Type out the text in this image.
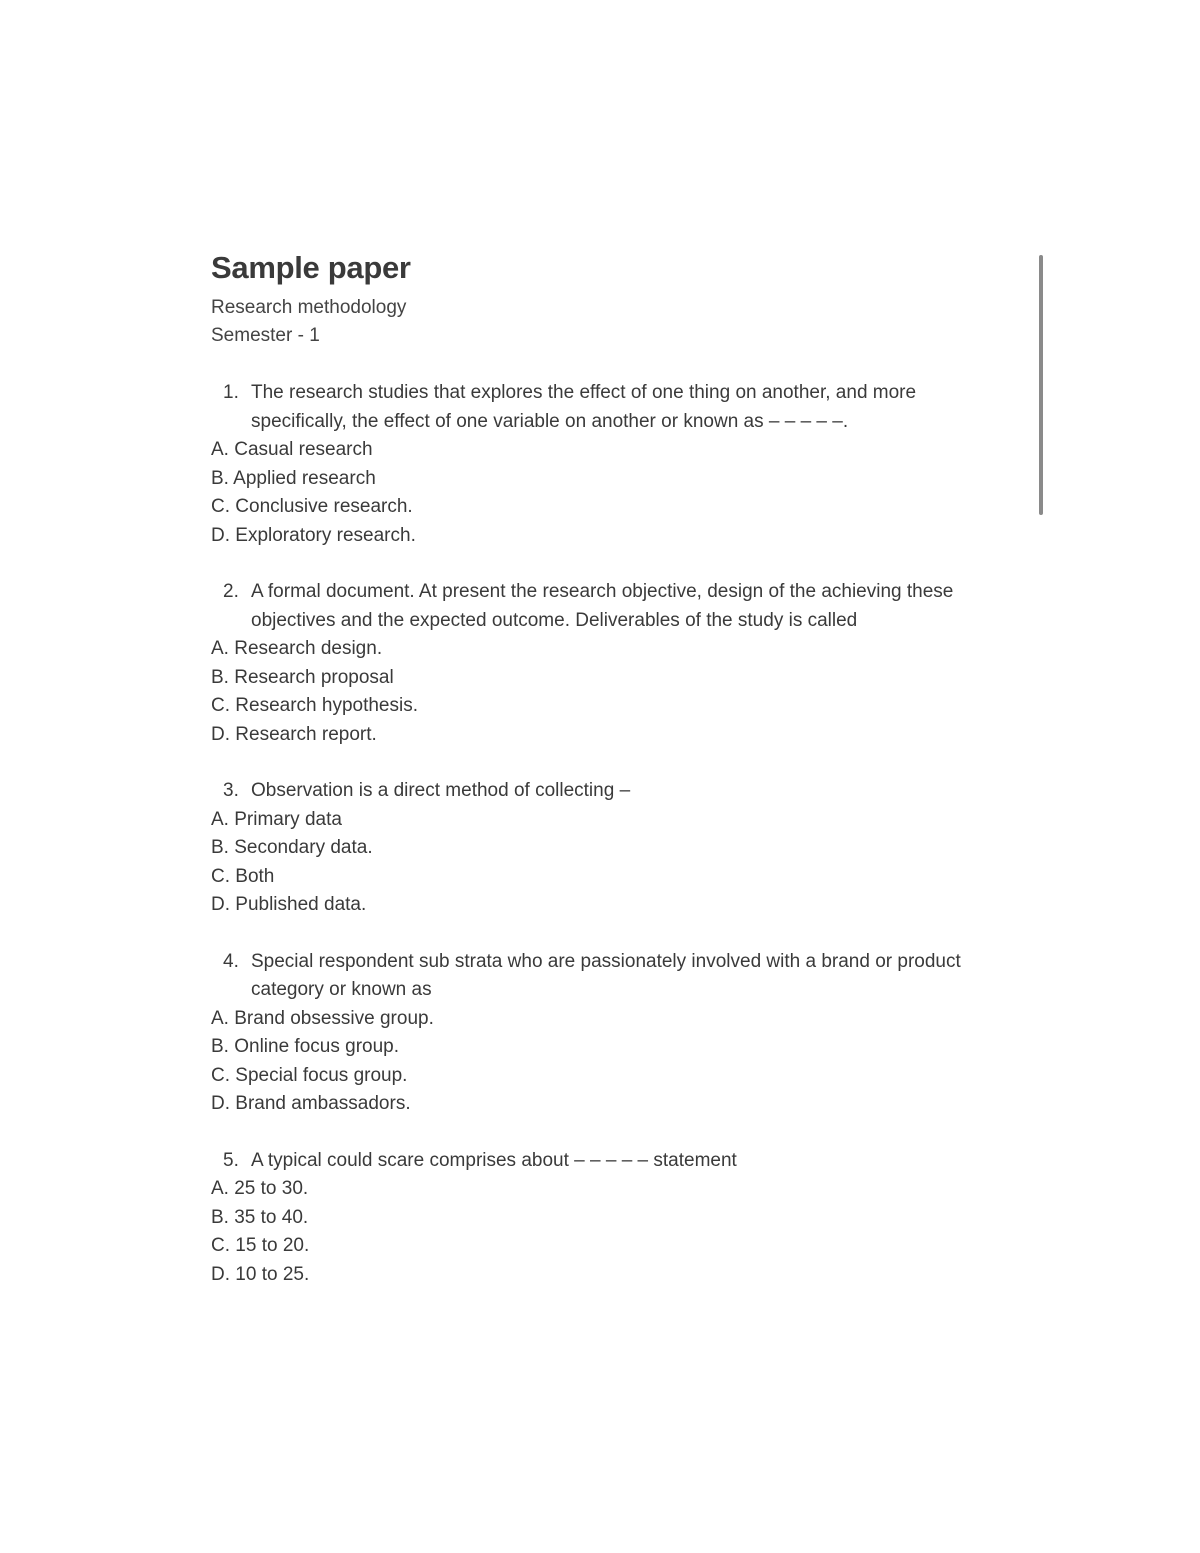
Sample paper

Research methodology

Semester - 1

1. The research studies that explores the effect of one thing on another, and more specifically, the effect of one variable on another or known as – – – – –.
A. Casual research
B. Applied research
C. Conclusive research.
D. Exploratory research.
2. A formal document. At present the research objective, design of the achieving these objectives and the expected outcome. Deliverables of the study is called
A. Research design.
B. Research proposal
C. Research hypothesis.
D. Research report.
3. Observation is a direct method of collecting –
A. Primary data
B. Secondary data.
C. Both
D. Published data.
4. Special respondent sub strata who are passionately involved with a brand or product category or known as
A. Brand obsessive group.
B. Online focus group.
C. Special focus group.
D. Brand ambassadors.
5. A typical could scare comprises about – – – – – statement
A. 25 to 30.
B. 35 to 40.
C. 15 to 20.
D. 10 to 25.
